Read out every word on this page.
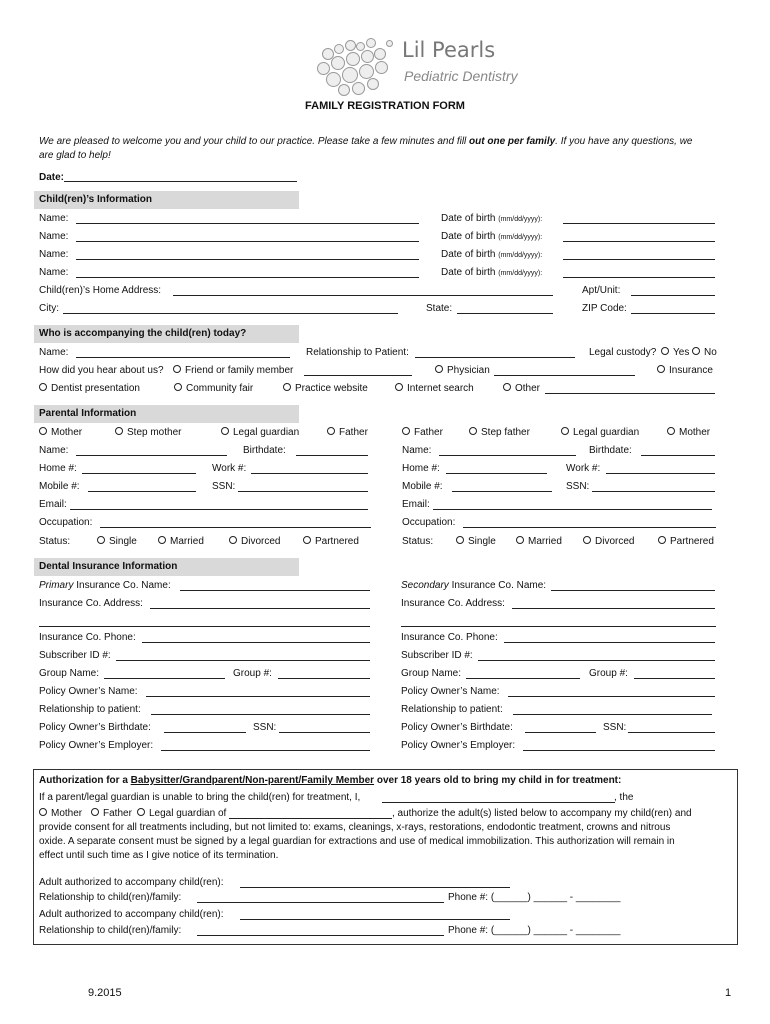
Lil Pearls
Pediatric Dentistry
FAMILY REGISTRATION FORM
We are pleased to welcome you and your child to our practice. Please take a few minutes and fill out one per family. If you have any questions, we
are glad to help!
Date:
Child(ren)’s Information
Name:	Date of birth (mm/dd/yyyy):
Name:	Date of birth (mm/dd/yyyy):
Name:	Date of birth (mm/dd/yyyy):
Name:	Date of birth (mm/dd/yyyy):
Child(ren)’s Home Address:	Apt/Unit:
City:	State:	ZIP Code:
Who is accompanying the child(ren) today?
Name:	Relationship to Patient:	Legal custody?	Yes	No
How did you hear about us?	Friend or family member	Physician	Insurance
Dentist presentation	Community fair	Practice website	Internet search	Other
Parental Information
Mother	Step mother	Legal guardian	Father
Name:	Birthdate:
Home #:	Work #:
Mobile #:	SSN:
Email:
Occupation:
Status:	Single	Married	Divorced	Partnered
Father	Step father	Legal guardian	Mother
Name:	Birthdate:
Home #:	Work #:
Mobile #:	SSN:
Email:
Occupation:
Status:	Single	Married	Divorced	Partnered
Dental Insurance Information
Primary Insurance Co. Name:
Insurance Co. Address:
Insurance Co. Phone:
Subscriber ID #:
Group Name:	Group #:
Policy Owner’s Name:
Relationship to patient:
Policy Owner’s Birthdate:	SSN:
Policy Owner’s Employer:
Secondary Insurance Co. Name:
Insurance Co. Address:
Insurance Co. Phone:
Subscriber ID #:
Group Name:	Group #:
Policy Owner’s Name:
Relationship to patient:
Policy Owner’s Birthdate:	SSN:
Policy Owner’s Employer:
Authorization for a Babysitter/Grandparent/Non-parent/Family Member over 18 years old to bring my child in for treatment:
If a parent/legal guardian is unable to bring the child(ren) for treatment, I,	, the
Mother	Father	Legal guardian of	, authorize the adult(s) listed below to accompany my child(ren) and
provide consent for all treatments including, but not limited to: exams, cleanings, x-rays, restorations, endodontic treatment, crowns and nitrous
oxide. A separate consent must be signed by a legal guardian for extractions and use of medical immobilization. This authorization will remain in
effect until such time as I give notice of its termination.
Adult authorized to accompany child(ren):
Relationship to child(ren)/family:	Phone #: (______) ______ - ________
Adult authorized to accompany child(ren):
Relationship to child(ren)/family:	Phone #: (______) ______ - ________
9.2015	1
